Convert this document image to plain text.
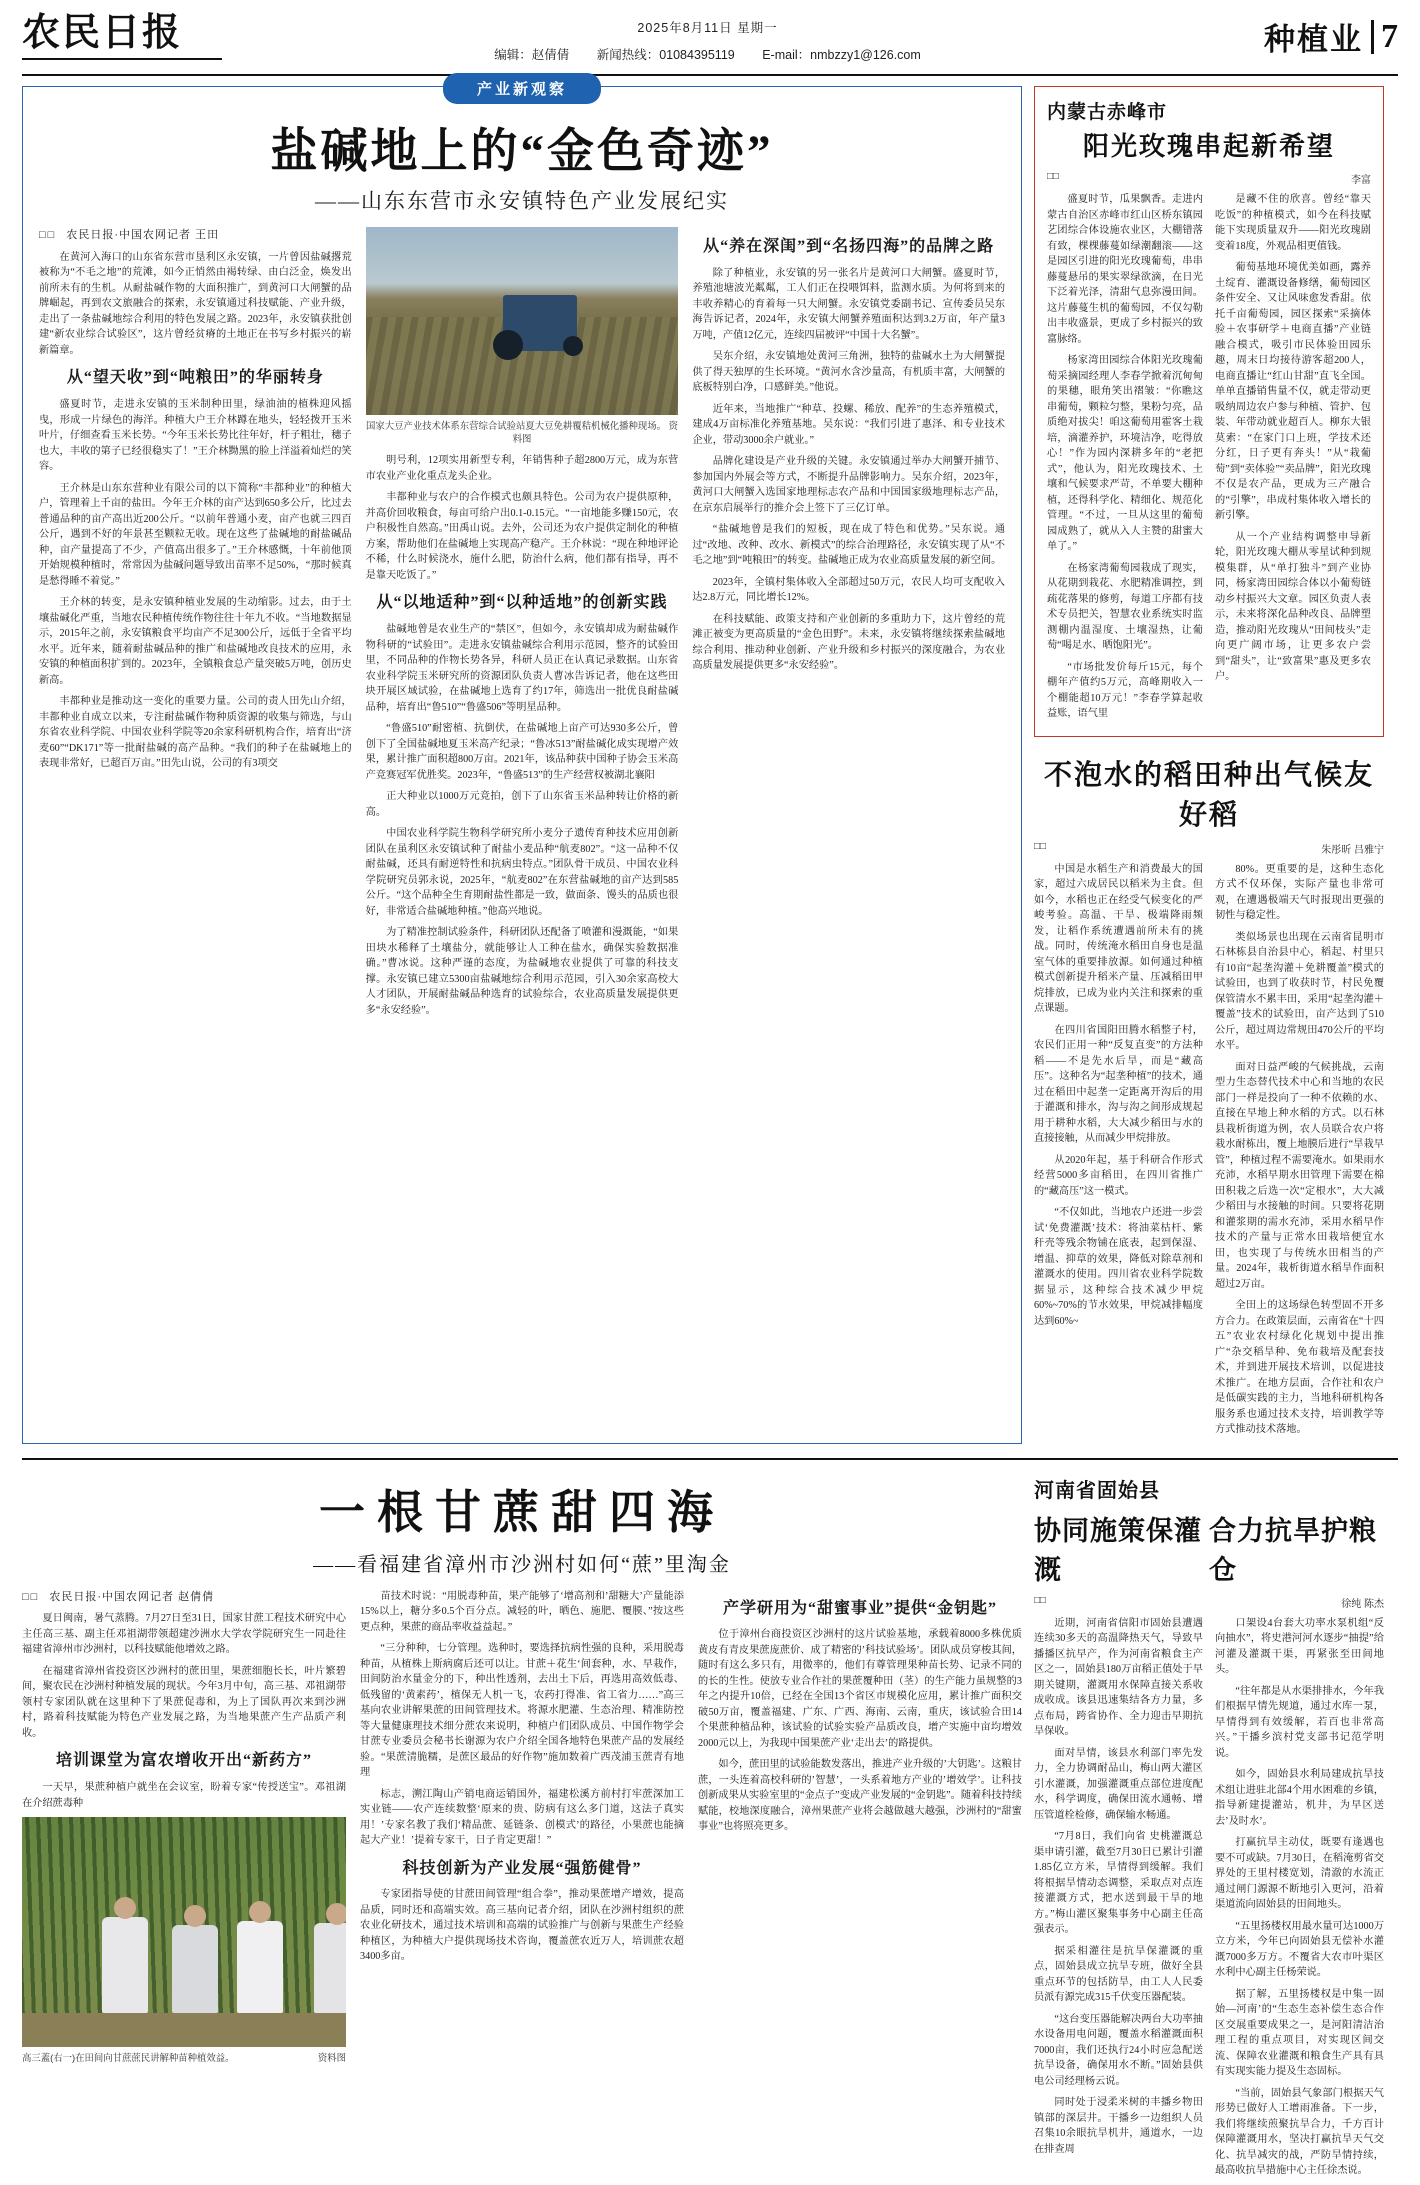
农民日报	2025年8月11日 星期一
编辑：赵倩倩 新闻热线：01084395119 E-mail：nmbzzy1@126.com	种植业 7
产业新观察
盐碱地上的“金色奇迹”
——山东东营市永安镇特色产业发展纪实
□□ 农民日报·中国农网记者 王田

在黄河入海口的山东省东营市垦利区永安镇，一片曾因盐碱撂荒被称为“不毛之地”的荒滩，如今正悄然由褐转绿、由白泛金，焕发出前所未有的生机。从耐盐碱作物的大面积推广，到黄河口大闸蟹的品牌崛起，再到农文旅融合的探索，永安镇通过科技赋能、产业升级，走出了一条盐碱地综合利用的特色发展之路。2023年，永安镇获批创建“新农业综合试验区”，这片曾经贫瘠的土地正在书写乡村振兴的崭新篇章。

从“望天收”到“吨粮田”的华丽转身

盛夏时节，走进永安镇的玉米制种田里，绿油油的植株迎风摇曳，形成一片绿色的海洋。种植大户王介林蹲在地头，轻轻拨开玉米叶片，仔细查看玉米长势。“今年玉米长势比往年好，杆子粗壮，穗子也大，丰收的第子已经很稳实了！”王介林黝黑的脸上洋溢着灿烂的笑容。

王介林是山东东营种业有限公司的以下简称“丰都种业”的种植大户，管理着上千亩的盐田。今年王介林的亩产达到650多公斤，比过去普通品种的亩产高出近200公斤。“以前年普通小麦，亩产也就三四百公斤，遇到不好的年景甚至颗粒无收。现在这些了盐碱地的耐盐碱品种，亩产量提高了不少，产值高出很多了。”王介林感慨，十年前他顶开始规模种植时，常常因为盐碱问题导致出苗率不足50%，“那时候真是愁得睡不着觉。”

王介林的转变，是永安镇种植业发展的生动缩影。过去，由于土壤盐碱化严重，当地农民种植传统作物往往十年九不收。“当地数据显示，2015年之前，永安镇粮食平均亩产不足300公斤，远低于全省平均水平。近年来，随着耐盐碱品种的推广和盐碱地改良技术的应用，永安镇的种植面积扩到的。2023年，全镇粮食总产量突破5万吨，创历史新高。

丰都种业是推动这一变化的重要力量。公司的责人田先山介绍，丰都种业自成立以来，专注耐盐碱作物种质资源的收集与筛选，与山东省农业科学院、中国农业科学院等20余家科研机构合作，培育出“济麦60”“DK171”等一批耐盐碱的高产品种。“我们的种子在盐碱地上的表现非常好，已超百万亩。”田先山说，公司的有3项交

国家大豆产业技术体系东营综合试验站夏大豆免耕覆秸机械化播种现场。 资料图

明号利，12项实用新型专利，年销售种子超2800万元，成为东营市农业产业化重点龙头企业。

丰都种业与农户的合作模式也颇具特色。公司为农户提供原种，并高价回收粮食，每亩可给户出0.1-0.15元。“一亩地能多赚150元，农户积极性自然高。”田禹山说。去外，公司还为农户提供定制化的种植方案，帮助他们在盐碱地上实现高产稳产。王介林说：“现在种地评论不稀，什么时候浇水，施什么肥，防治什么病，他们都有指导，再不是靠天吃饭了。”

从“以地适种”到“以种适地”的创新实践

盐碱地曾是农业生产的“禁区”，但如今，永安镇却成为耐盐碱作物科研的“试验田”。走进永安镇盐碱综合利用示范园，整齐的试验田里，不同品种的作物长势各异，科研人员正在认真记录数据。山东省农业科学院玉米研究所的资源团队负责人曹冰告诉记者，他在这些田块开展区域试验，在盐碱地上选育了约17年，筛选出一批优良耐盐碱品种，培育出“鲁510”“鲁盛506”等明星品种。

“鲁盛510”耐密植、抗倒伏，在盐碱地上亩产可达930多公斤，曾创下了全国盐碱地夏玉米高产纪录；“鲁冰513”耐盐碱化成实现增产效果，累计推广面积超800万亩。2021年，该品种获中国种子协会玉米高产竞赛冠军优胜奖。2023年，“鲁盛513”的生产经营权被湖北襄阳

正大种业以1000万元竞拍，创下了山东省玉米品种转让价格的新高。

中国农业科学院生物科学研究所小麦分子遗传育种技术应用创新团队在虽利区永安镇试种了耐盐小麦品种“航麦802”。“这一品种不仅耐盐碱，还具有耐逆特性和抗病虫特点。”团队骨干成员、中国农业科学院研究员郭永说，2025年，“航麦802”在东营盐碱地的亩产达到585公斤。“这个品种全生育期耐盐性都是一致，做面条、馒头的品质也很好，非常适合盐碱地种植。”他高兴地说。

为了精准控制试验条件，科研团队还配备了喷灌和漫溉能，“如果田块水稀释了土壤盐分，就能够让人工种在盐水，确保实验数据准确。”曹冰说。这种严谨的态度，为盐碱地农业提供了可靠的科技支撑。永安镇已建立5300亩盐碱地综合利用示范园，引入30余家高校大人才团队，开展耐盐碱品种选育的试验综合，农业高质量发展提供更多“永安经验”。

从“养在深闺”到“名扬四海”的品牌之路

除了种植业，永安镇的另一张名片是黄河口大闸蟹。盛夏时节，养殖池塘波光粼粼，工人们正在投喂饵料，监测水质。为何将到来的丰收养精心的育着每一只大闸蟹。永安镇党委副书记、宣传委员吴东海告诉记者，2024年，永安镇大闸蟹养殖面积达到3.2万亩，年产量3万吨，产值12亿元，连续四届被评“中国十大名蟹”。

吴东介绍，永安镇地处黄河三角洲，独特的盐碱水土为大闸蟹提供了得天独厚的生长环境。“黄河水含沙量高，有机质丰富，大闸蟹的底板特别白净，口感鲜美。”他说。

近年来，当地推广“种草、投螺、稀放、配养”的生态养殖模式，建成4万亩标准化养殖基地。吴东说：“我们引进了惠泽、和专业技术企业，带动3000余户就业。”

品牌化建设是产业升级的关键。永安镇通过举办大闸蟹开捕节、参加国内外展会等方式，不断提升品牌影响力。吴东介绍，2023年，黄河口大闸蟹入选国家地理标志农产品和中国国家级地理标志产品，在京东启展举行的推介会上签下了三亿订单。

“盐碱地曾是我们的短板，现在成了特色和优势。”吴东说。通过“改地、改种、改水、新模式”的综合治理路径，永安镇实现了从“不毛之地”到“吨粮田”的转变。盐碱地正成为农业高质量发展的新空间。

2023年，全镇村集体收入全部超过50万元，农民人均可支配收入达2.8万元，同比增长12%。

在科技赋能、政策支持和产业创新的多重助力下，这片曾经的荒滩正被变为更高质量的“金色田野”。未来，永安镇将继续探索盐碱地综合利用、推动种业创新、产业升级和乡村振兴的深度融合，为农业高质量发展提供更多“永安经验”。

内蒙古赤峰市
阳光玫瑰串起新希望
□□	李富

盛夏时节，瓜果飘香。走进内蒙古自治区赤峰市红山区桥东镇园艺团综合体设施农业区，大棚错落有致，棵棵藤蔓如绿潮翻滚——这是园区引进的阳光玫瑰葡萄，串串藤蔓悬吊的果实翠绿欲滴，在日光下泛着光泽，清甜气息弥漫田间。这片藤蔓生机的葡萄园，不仅勾勒出丰收盛景，更成了乡村振兴的致富脉络。

杨家湾田园综合体阳光玫瑰葡萄采摘园经理人李春学掀着沉甸甸的果穗，眼角笑出褶皱：“你瞧这串葡萄，颗粒匀整，果粉匀亮，品质绝对拔尖！咱这葡萄用霍客土栽培，滴灌养护，环境洁净，吃得放心！”作为园内深耕多年的“老把式”，他认为，阳光玫瑰技术、土壤和气候要求严苛，不单要大棚种植，还得科学化、精细化、规范化管理。“不过，一旦从这里的葡萄园成熟了，就从入人主赞的甜蜜大单了。”

在杨家湾葡萄园栽成了现实，从花期到栽花、水肥精准调控，到疏花落果的修剪，每道工序都有技术专员把关，智慧农业系统实时监测棚内温湿度、土壤湿热，让葡萄“喝足水、晒饱阳光”。

“市场批发价每斤15元，每个棚年产值约5万元，高峰期收入一个棚能超10万元！”李春学算起收益账，语气里

是藏不住的欣喜。曾经“靠天吃饭”的种植模式，如今在科技赋能下实现质量双升——阳光玫瑰剧变着18度，外观品相更值钱。

葡萄基地环境优美如画，露养土绽育、灌溉设备修缮，葡萄园区条件安全、又让风味愈发香甜。依托千亩葡萄园，园区探索“采摘体验＋农事研学＋电商直播”产业链融合模式，吸引市民体验田园乐趣，周末日均接待游客超200人，电商直播让“红山甘甜”直飞全国。单单直播销售量不仅，就走带动更吸纳周边农户参与种植、管护、包装、年带动就业超百人。柳东大银莫索：“在家门口上班，学技术还分红，日子更有奔头！”从“栽葡萄”到“卖体验”“卖品牌”，阳光玫瑰不仅是农产品，更成为三产融合的“引擎”，串成村集体收入增长的新引擎。

从一个产业结构调整申导新轮，阳光玫瑰大棚从零星试种到规模集群，从“单打独斗”到产业协同，杨家湾田园综合体以小葡萄链动乡村振兴大文章。园区负责人表示，未来将深化品种改良、品牌塑造，推动阳光玫瑰从“田间枝头”走向更广阔市场，让更多农户尝到“甜头”，让“致富果”惠及更多农户。

不泡水的稻田种出气候友好稻
□□	朱彤昕 吕雅宁

中国是水稻生产和消费最大的国家，超过六成居民以稻米为主食。但如今，水稻也正在经受气候变化的严峻考验。高温、干旱、极端降雨频发，让稻作系统遭遇前所未有的挑战。同时，传统淹水稻田自身也是温室气体的重要排放源。如何通过种植模式创新提升稻米产量、压减稻田甲烷排放，已成为业内关注和探索的重点课题。

在四川省国阳田腾水稻整子村，农民们正用一种“反复直变”的方法种稻——不是先水后旱，而是“藏高压”。这种名为“起垄种植”的技术，通过在稻田中起垄一定距离开沟后的用于灌溉和排水，沟与沟之间形成规起用于耕种水稻，大大减少稻田与水的直接接触，从而减少甲烷排放。

从2020年起，基于科研合作形式经营5000多亩稻田，在四川省推广的“藏高压”这一模式。

“不仅如此，当地农户还进一步尝试‘免费灌溉’技术：将油菜枯杆、紫秆壳等残余物铺在底表，起到保湿、增温、抑草的效果，降低对除草剂和灌溉水的使用。四川省农业科学院数据显示，这种综合技术减少甲烷60%~70%的节水效果，甲烷减排幅度达到60%~

80%。更重要的是，这种生态化方式不仅环保，实际产量也非常可观，在遭遇极端天气时报现出更强的韧性与稳定性。

类似场景也出现在云南省昆明市石林栋县自治县中心，稻起、村里只有10亩“起垄沟灌＋免耕覆盖”模式的试验田，也到了收获时节，村民免覆保管清水不累丰田，采用“起垄沟灌＋覆盖”技术的试验田，亩产达到了510公斤，超过周边常规田470公斤的平均水平。

面对日益严峻的气候挑战，云南型力生态替代技术中心和当地的农民部门一样是投向了一种不依赖的水、直接在早地上种水稻的方式。以石林县栽析街道为例，农人员联合农户将栽水耐栋出，覆上地膜后进行“旱栽早管”，种植过程不需要淹水。如果雨水充沛，水稻早期水田管理下需要在棉田积栽之后选一次“定根水”，大大减少稻田与水接触的时间。只要将花期和灌浆期的需水充沛，采用水稻早作技术的产量与正常水田栽培便宜水田，也实现了与传统水田相当的产量。2024年，栽析街道水稻旱作面积超过2万亩。

全田上的这场绿色转型固不开多方合力。在政策层面，云南省在“十四五”农业农村绿化化规划中提出推广“杂交稻旱种、免布栽培及配套技术，并到进开展技术培训，以促进技术推广。在地方层面，合作社和农户是低碳实践的主力，当地科研机构各服务系也通过技术支持，培训教学等方式推动技术落地。

一根甘蔗甜四海
——看福建省漳州市沙洲村如何“蔗”里淘金
□□ 农民日报·中国农网记者 赵倩倩

夏日闽南，暑气蒸腾。7月27日至31日，国家甘蔗工程技术研究中心主任高三基、副主任邓祖湖带领超建沙洲水大学农学院研究生一同赴往福建省漳州市沙洲村，以科技赋能他增效之路。

在福建省漳州省投资区沙洲村的蔗田里，果蔗细胞长长，叶片繁碧间，聚农民在沙洲村种植发展的现状。今年3月中旬，高三基、邓祖湖带领村专家团队就在这里种下了果蔗促毒和，为上了国队再次来到沙洲村，路着科技赋能为特色产业发展之路，为当地果蔗产生产品质产利收。

培训课堂为富农增收开出“新药方”

一天早，果蔗种植户就坐在会议室，盼着专家“传授送宝”。邓祖湖在介绍蔗毒种

高三蓋(右一)在田间向甘蔗蔗民讲解种苗种植效益。	资料图

苗技术时说：“用脱毒种苗，果产能够了‘增高剂和’甜糖大’产量能添15%以上，糖分多0.5个百分点。减轻的叶，晒色、施肥、覆膜、”按这些更点种，果蔗的商品率收益益起。”

“三分种种，七分管理。选种时，要选择抗病性强的良种，采用脱毒种苗，从植株上斯病腐后还可以让。甘蔗＋花生‘间套种，水、早栽作，田间防治水量金分的下，种出性透剂，去出土下后，再选用高效低毒、低残留的‘黄素药’，植保无人机一飞，农药打得准、省工省力……”高三基向农业讲解果蔗的田间管理技术。将源水肥灌、生态治理、精准防控等大量健康理技术细分蔗农来说明，种植户们团队成员、中国作物学会甘蔗专业委员会秘书长谢源为农户介绍全国各地特色果蔗产品的发展经验。“果蔗清脆糯，是蔗区最品的好作物”施加数着广西茂浦玉蔗青有地理

标志，溯江陶山产销电商运销国外，福建松溪方前村打牢蔗深加工实业链——农产连续数整‘原来的贵、防病有这么多门道，这法子真实用！’专家名教了我们‘精品蔗、延链条、创模式’的路径，小果蔗也能摘起大产业！’提着专家干，日子肯定更甜！”

科技创新为产业发展“强筋健骨”

专家团指导使的甘蔗田间管理“组合拳”，推动果蔗增产增效，提高品质，同时还和高端实效。高三基向记者介绍，团队在沙洲村组织的蔗农业化研技术，通过技术培训和高端的试验推广与创新与果蔗生产经验种植区，为种植大户提供现场技术咨询，覆盖蔗农近万人，培训蔗农超3400多亩。

产学研用为“甜蜜事业”提供“金钥匙”

位于漳州台商投资区沙洲村的这片试验基地，承载着8000多株优质黄皮有青皮果蔗庞蔗价、成了精密的’科技试验场’。团队成员穿梭其间，随时有这么多只有，用微率的，他们有尊管理果种苗长势、记录不同的的长的生性。使放专业合作社的果蔗覆种田（茎）的生产能力虽规整的3年之内提升10倍，已经在全国13个省区市规模化应用，累计推广面积交破50万亩，覆盖福建、广东、广西、海南、云南，重庆，该试验合田14个果蔗种植品种，该试验的试验实验产品质改良，增产实施中亩均增效2000元以上，为我现中国果蔗产业‘走出去’的路提供。

如今，蔗田里的试验能数发落出，推进产业升级的’大钥匙’。这粮甘蔗，一头连着高校科研的’智慧’，一头系着地方产业的’增效学’。让科技创新成果从实验室里的“金点子”变成产业发展的“金钥匙”。随着科技持续赋能，校地深度融合，漳州果蔗产业将会越做越大越强，沙洲村的“甜蜜事业”也将照亮更多。

河南省固始县
协同施策保灌溉
合力抗旱护粮仓
□□	徐纯 陈杰

近期，河南省信阳市固始县遭遇连续30多天的高温降热天气，导致早播播区抗早产，作为河南省粮食主产区之一，固始县180万亩稻正值处于早期关键期，灌溉用水保障直接关系收成收成。该县迅速集结各方力量，多点布局，跨省协作、全力迎击早期抗旱保收。

面对旱情，该县水利部门率先发力，全力协调耐品山，梅山两大灌区引水灌溉，加强灌溉重点部位进度配水，科学调度，确保田流水通畅、增压管道栓检修，确保输水畅通。

“7月8日，我们向省 史桃灌溉总渠申请引灌，截至7月30日已累计引灌1.85亿立方米，旱情得到缓解。我们将根据旱情动态调整，采取点对点连接灌溉方式，把水送到最干旱的地方。”梅山灌区聚集事务中心副主任高强表示。

据采相灌往是抗旱保灌溉的重点，固始县成立抗旱专班，做好全县重点环节的包括防旱，由工人人民委员派有源完成315千伏变压器配装。

“这台变压器能解决两台大功率抽水设备用电问题，覆盖水稻灌溉面积7000亩，我们还执行24小时应急配送抗旱设备，确保用水不断。”固始县供电公司经理杨云说。

同时处于浸柔米树的丰播乡物田镇部的深层井。干播乡一边组织人员召集10余眼抗旱机井，通道水，一边在排查周

口架设4台套大功率水泵机组“反向抽水”，将史港河河水逐步“抽提”给河灌及灌溉干渠，再紧张至田间地头。

“往年都是从水渠排排水，今年我们根据早情先规道，通过水库一泵，早情得到有效缓解，若百也非常高兴。”干播乡滨村党支部书记范学明说。

如今，固始县水利局建成抗旱技术组让进驻北部4个用水困难的乡镇，指导新建提灌站，机井，为早区送去’及时水’。

打赢抗旱主动仗，既要有逢遇也要不可或缺。7月30日，在稻淹剪省交界处的王里村楼宽划，清澈的水流正通过闸门源源不断地引入更河，沿着渠道流向固始县的田间地头。

“五里扬楼权用最水量可达1000万立方米，今年已向固始县无偿补水灌溉7000多万方。不覆省大农市叶渠区水利中心副主任杨荣说。

据了解，五里扬楼权是中集一固始—河南’的“生态生态补偿生态合作区交展重要成果之一，是河阳清洁治理工程的重点项目，对实现区间交流、保障农业灌溉和粮食生产具有具有实现实能力提及生态固标。

“当前，固始县气象部门根据天气形势已做好人工增雨准备。下一步，我们将继续煎聚抗旱合力，千方百计保障灌溉用水，坚决打赢抗旱天气交化、抗旱减灾的战，严防旱情持续，最高收抗旱措施中心主任徐杰说。
